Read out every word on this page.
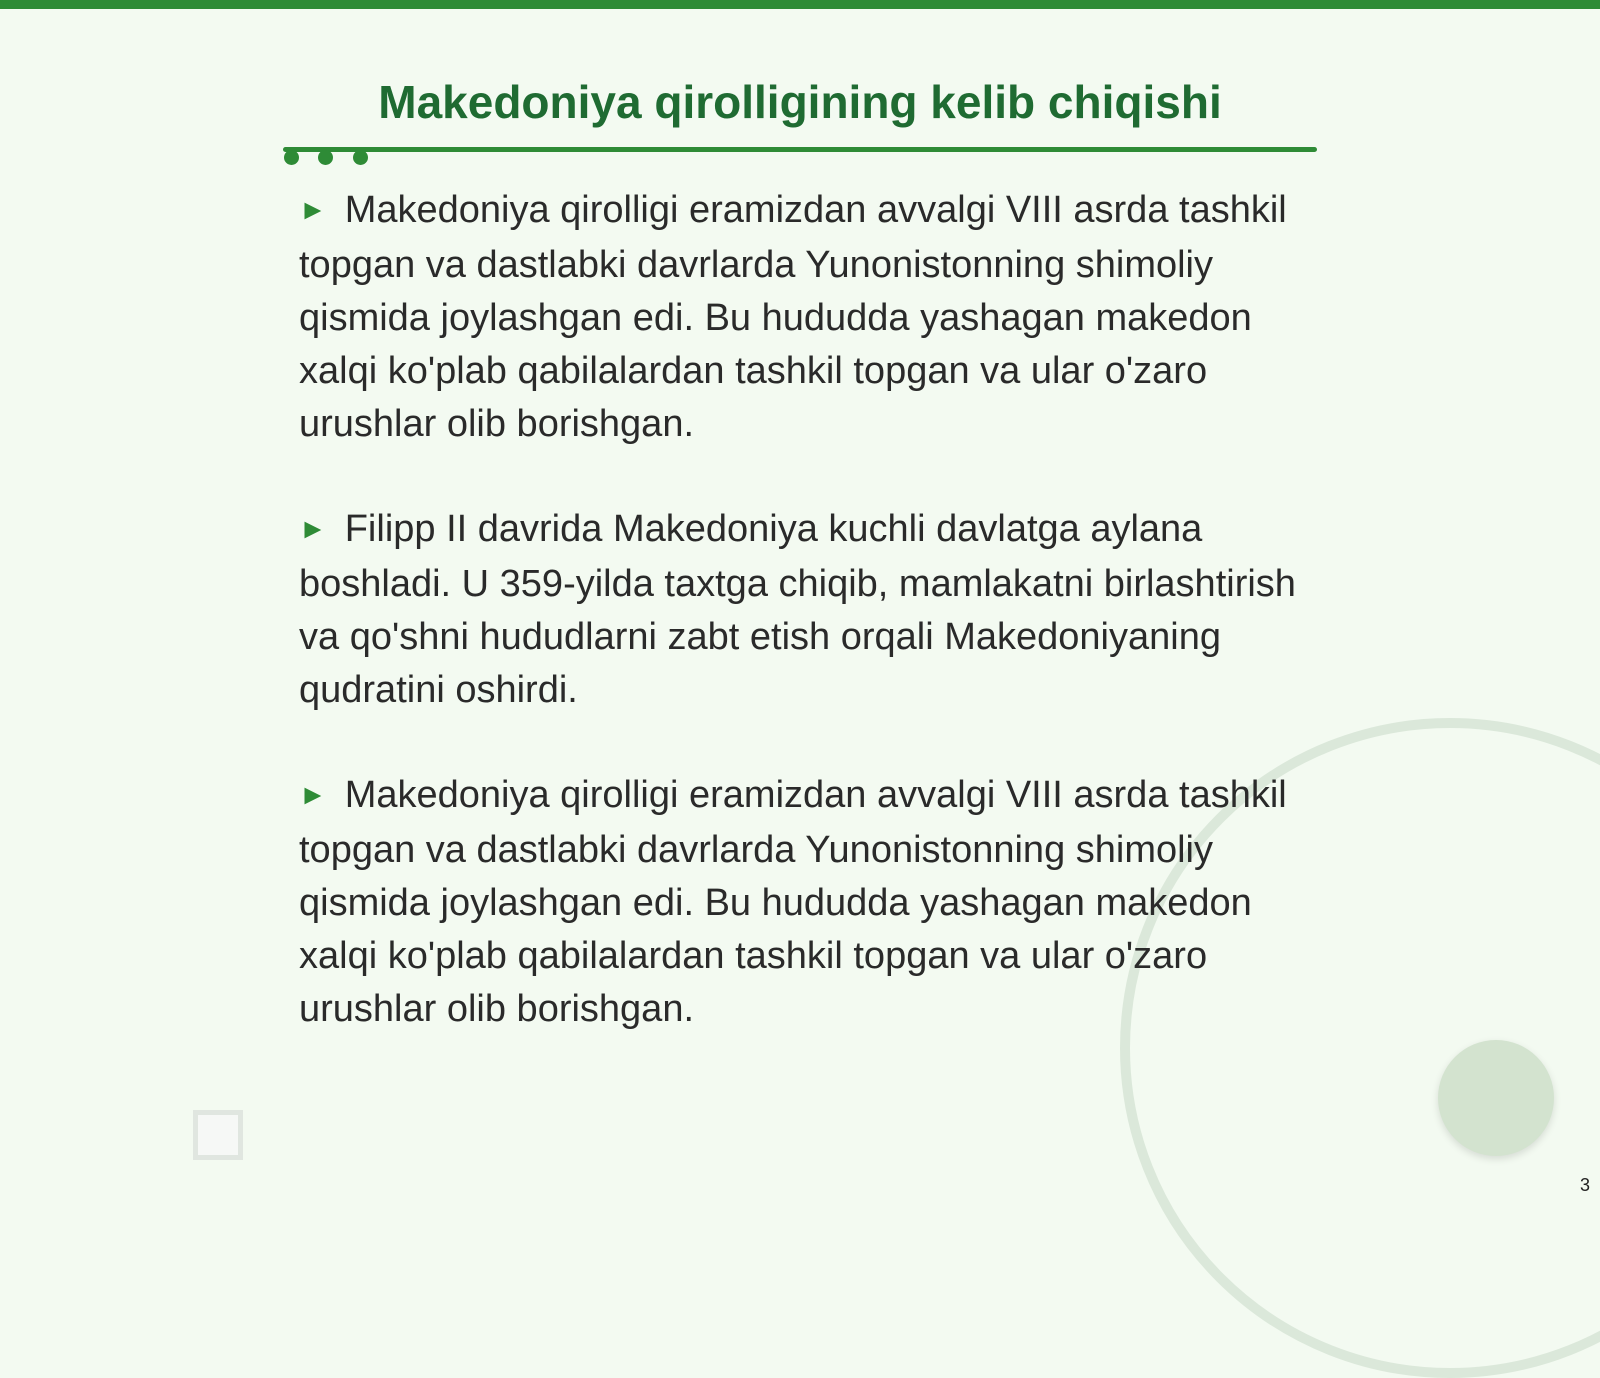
Makedoniya qirolligining kelib chiqishi

► Makedoniya qirolligi eramizdan avvalgi VIII asrda tashkil topgan va dastlabki davrlarda Yunonistonning shimoliy qismida joylashgan edi. Bu hududda yashagan makedon xalqi ko'plab qabilalardan tashkil topgan va ular o'zaro urushlar olib borishgan.

► Filipp II davrida Makedoniya kuchli davlatga aylana boshladi. U 359-yilda taxtga chiqib, mamlakatni birlashtirish va qo'shni hududlarni zabt etish orqali Makedoniyaning qudratini oshirdi.

► Makedoniya qirolligi eramizdan avvalgi VIII asrda tashkil topgan va dastlabki davrlarda Yunonistonning shimoliy qismida joylashgan edi. Bu hududda yashagan makedon xalqi ko'plab qabilalardan tashkil topgan va ular o'zaro urushlar olib borishgan.

3
